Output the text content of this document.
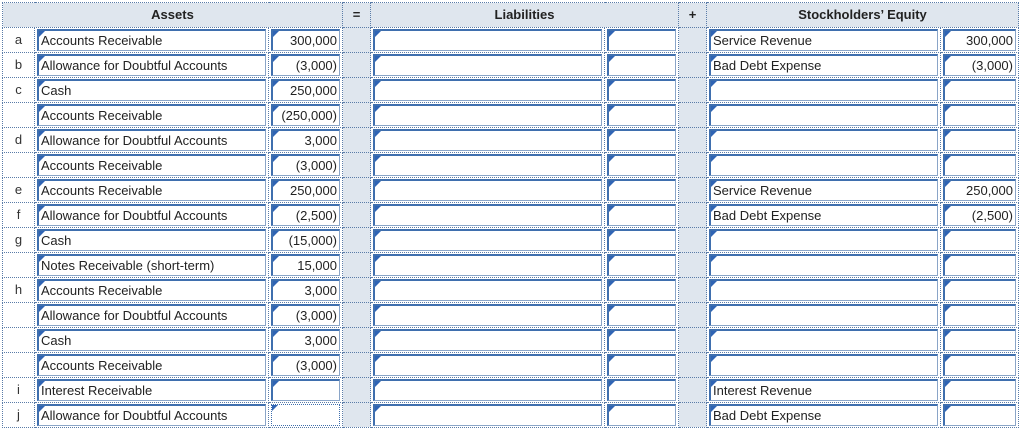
Assets			=	Liabilities		+	Stockholders’ Equity	
a	Accounts Receivable	300,000					Service Revenue	300,000

b	Allowance for Doubtful Accounts	(3,000)					Bad Debt Expense	(3,000)

c	Cash	250,000						

	Accounts Receivable	(250,000)						

d	Allowance for Doubtful Accounts	3,000						

	Accounts Receivable	(3,000)						

e	Accounts Receivable	250,000					Service Revenue	250,000

f	Allowance for Doubtful Accounts	(2,500)					Bad Debt Expense	(2,500)

g	Cash	(15,000)						

	Notes Receivable (short-term)	15,000						

h	Accounts Receivable	3,000						

	Allowance for Doubtful Accounts	(3,000)						

	Cash	3,000						

	Accounts Receivable	(3,000)						

i	Interest Receivable						Interest Revenue	

j	Allowance for Doubtful Accounts						Bad Debt Expense	
